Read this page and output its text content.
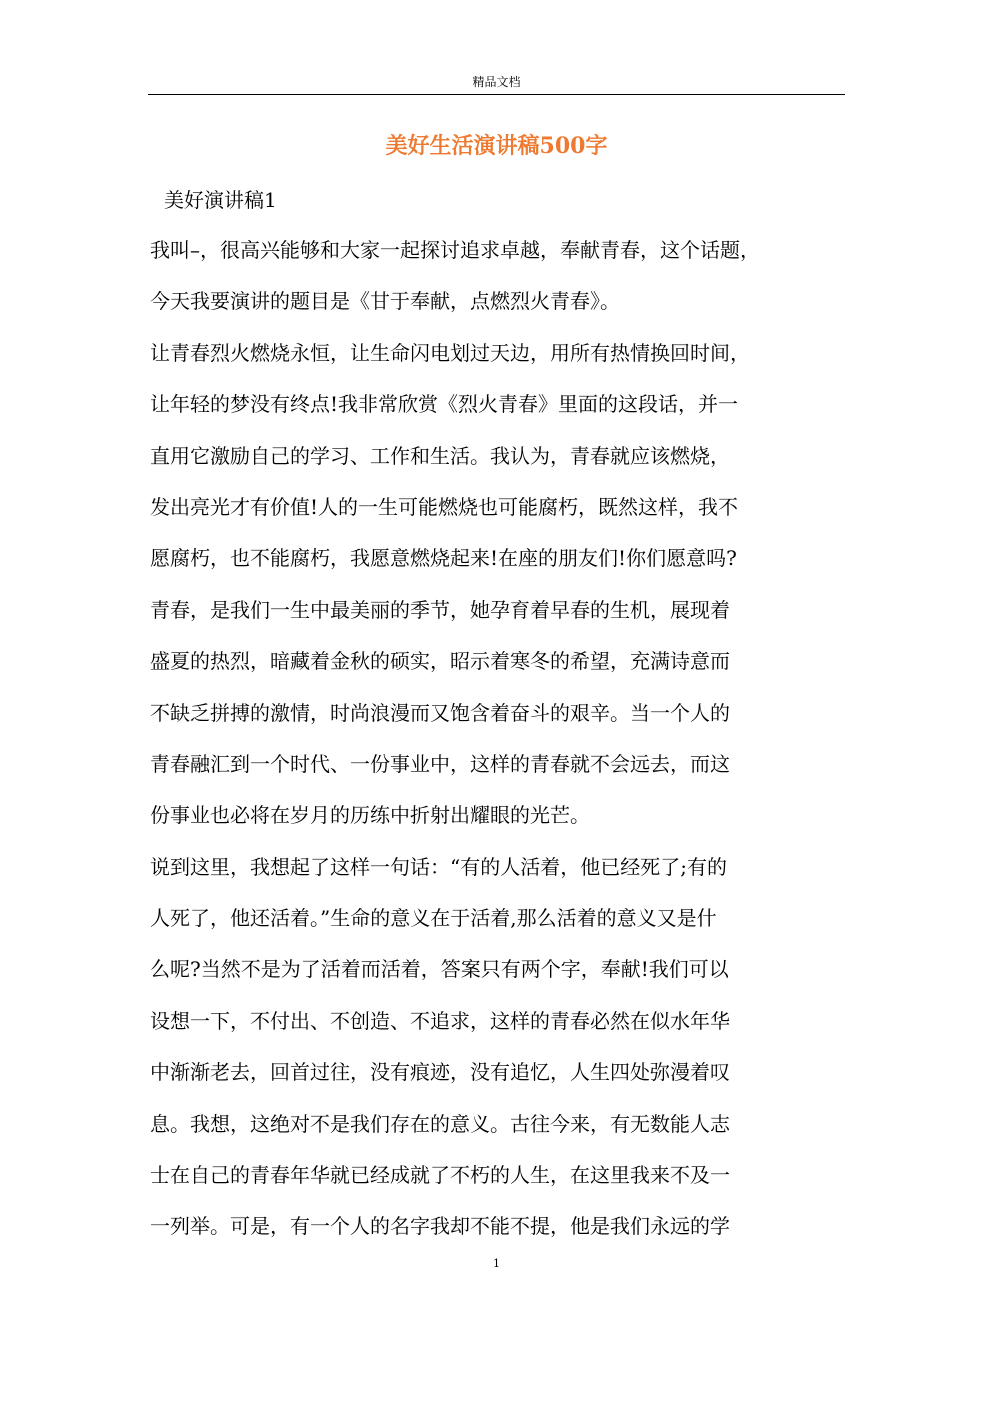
精品文档
美好生活演讲稿500字
美好演讲稿1
我叫–，很高兴能够和大家一起探讨追求卓越，奉献青春，这个话题，
今天我要演讲的题目是《甘于奉献，点燃烈火青春》。
让青春烈火燃烧永恒，让生命闪电划过天边，用所有热情换回时间，
让年轻的梦没有终点!我非常欣赏《烈火青春》里面的这段话，并一
直用它激励自己的学习、工作和生活。我认为，青春就应该燃烧，
发出亮光才有价值!人的一生可能燃烧也可能腐朽，既然这样，我不
愿腐朽，也不能腐朽，我愿意燃烧起来!在座的朋友们!你们愿意吗?
青春，是我们一生中最美丽的季节，她孕育着早春的生机，展现着
盛夏的热烈，暗藏着金秋的硕实，昭示着寒冬的希望，充满诗意而
不缺乏拼搏的激情，时尚浪漫而又饱含着奋斗的艰辛。当一个人的
青春融汇到一个时代、一份事业中，这样的青春就不会远去，而这
份事业也必将在岁月的历练中折射出耀眼的光芒。
说到这里，我想起了这样一句话：“有的人活着，他已经死了;有的
人死了，他还活着。”生命的意义在于活着,那么活着的意义又是什
么呢?当然不是为了活着而活着，答案只有两个字，奉献!我们可以
设想一下，不付出、不创造、不追求，这样的青春必然在似水年华
中渐渐老去，回首过往，没有痕迹，没有追忆，人生四处弥漫着叹
息。我想，这绝对不是我们存在的意义。古往今来，有无数能人志
士在自己的青春年华就已经成就了不朽的人生，在这里我来不及一
一列举。可是，有一个人的名字我却不能不提，他是我们永远的学
1
